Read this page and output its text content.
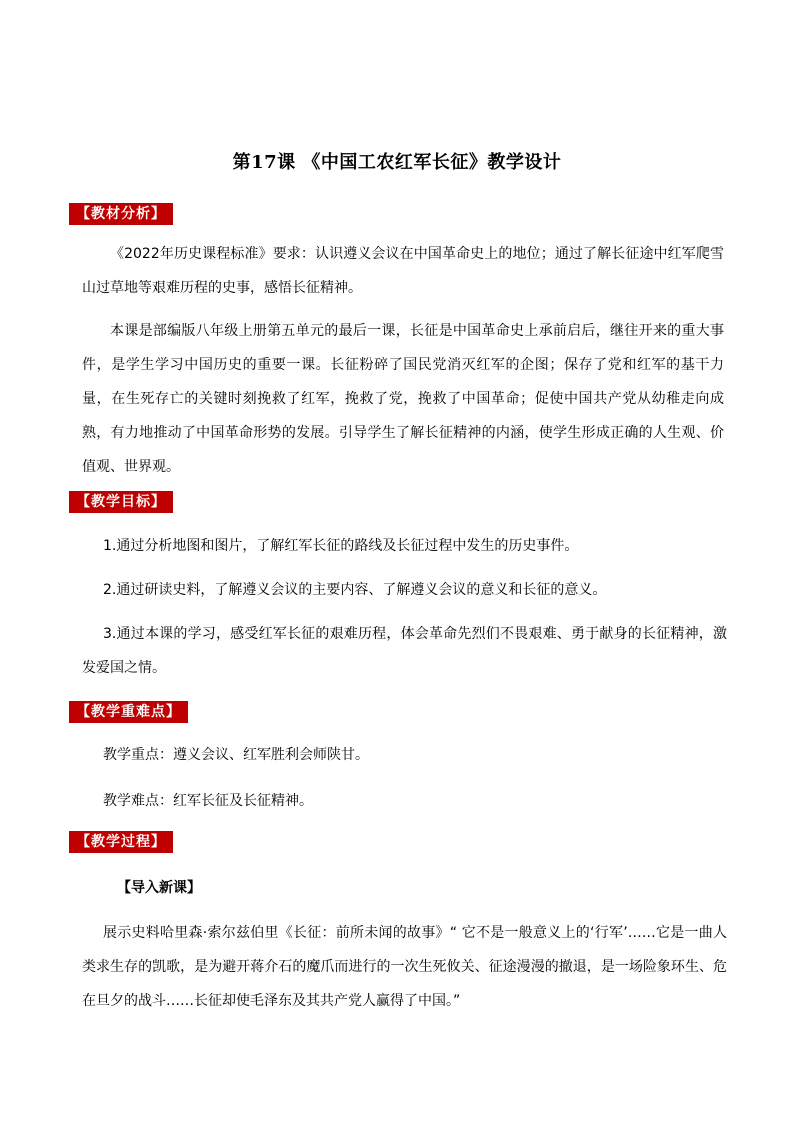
第17课 《中国工农红军长征》教学设计
【教材分析】

《2022年历史课程标准》要求：认识遵义会议在中国革命史上的地位；通过了解长征途中红军爬雪山过草地等艰难历程的史事，感悟长征精神。

本课是部编版八年级上册第五单元的最后一课，长征是中国革命史上承前启后，继往开来的重大事件，是学生学习中国历史的重要一课。长征粉碎了国民党消灭红军的企图；保存了党和红军的基干力量，在生死存亡的关键时刻挽救了红军，挽救了党，挽救了中国革命；促使中国共产党从幼稚走向成熟，有力地推动了中国革命形势的发展。引导学生了解长征精神的内涵，使学生形成正确的人生观、价值观、世界观。

【教学目标】
1.通过分析地图和图片，了解红军长征的路线及长征过程中发生的历史事件。
2.通过研读史料，了解遵义会议的主要内容、了解遵义会议的意义和长征的意义。

3.通过本课的学习，感受红军长征的艰难历程，体会革命先烈们不畏艰难、勇于献身的长征精神，激发爱国之情。

【教学重难点】
教学重点：遵义会议、红军胜利会师陕甘。
教学难点：红军长征及长征精神。
【教学过程】
【导入新课】

展示史料哈里森·索尔兹伯里《长征：前所未闻的故事》“ 它不是一般意义上的‘行军’……它是一曲人类求生存的凯歌，是为避开蒋介石的魔爪而进行的一次生死攸关、征途漫漫的撤退，是一场险象环生、危在旦夕的战斗……长征却使毛泽东及其共产党人赢得了中国。”
